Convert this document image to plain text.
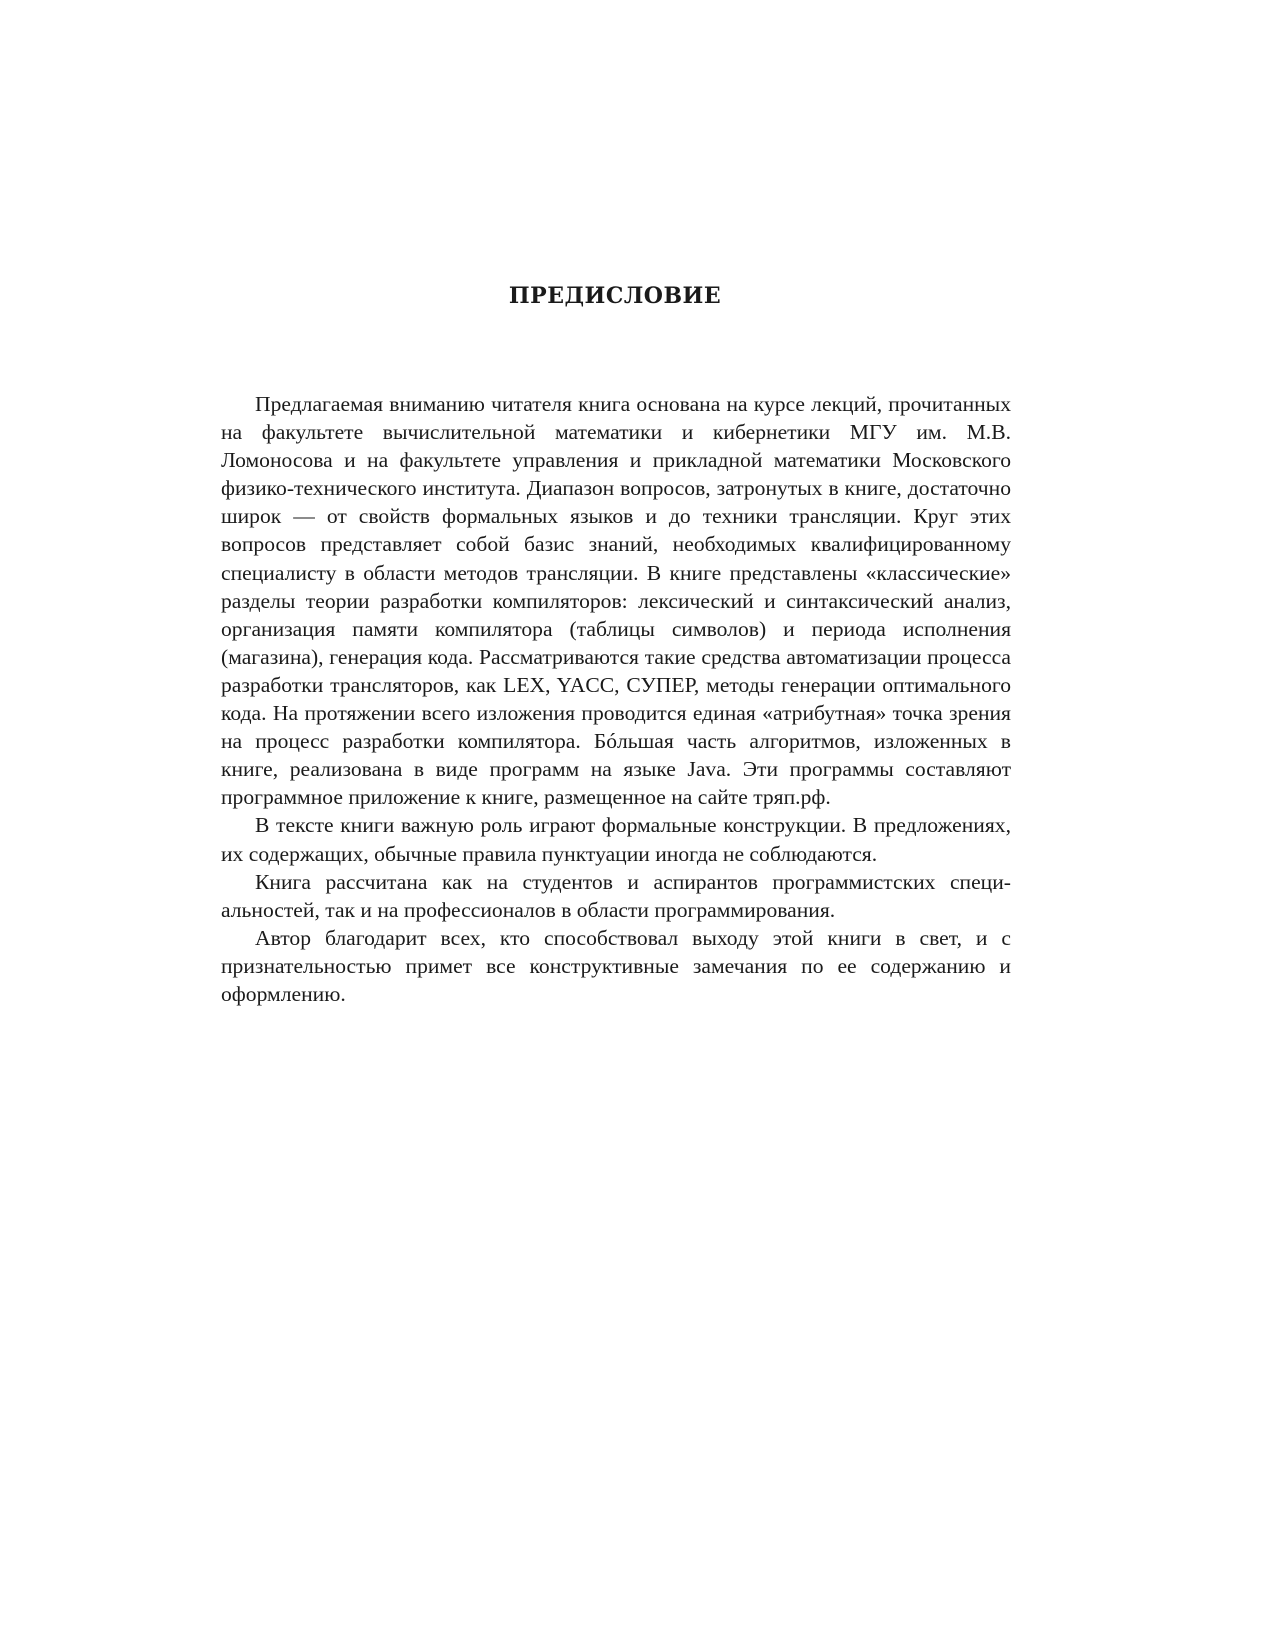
ПРЕДИСЛОВИЕ

Предлагаемая вниманию читателя книга основана на курсе лекций, прочитанных на факультете вычислительной математики и кибернетики МГУ им. М.В. Ломоносова и на факультете управления и прикладной математики Московского физико-технического института. Диапазон вопросов, затронутых в книге, достаточно широк — от свойств формальных языков и до техники трансляции. Круг этих вопросов представляет собой базис знаний, необходимых квалифицированному специалисту в области методов трансляции. В книге представлены «классические» разделы теории разработки компиляторов: лексический и синтаксический анализ, организация памяти компилятора (таблицы символов) и периода исполнения (магазина), генерация кода. Рассматриваются такие средства автоматизации процесса разработки трансляторов, как LEX, YACC, СУПЕР, методы генерации оптимального кода. На протяжении всего изложения проводится единая «атрибутная» точка зрения на процесс разработки компилятора. Бóльшая часть алгоритмов, изложенных в книге, реализована в виде программ на языке Java. Эти программы составляют программное приложение к книге, размещенное на сайте тряп.рф.

В тексте книги важную роль играют формальные конструкции. В предложениях, их содержащих, обычные правила пунктуации иногда не соблюдаются.

Книга рассчитана как на студентов и аспирантов программистских специальностей, так и на профессионалов в области программирования.

Автор благодарит всех, кто способствовал выходу этой книги в свет, и с признательностью примет все конструктивные замечания по ее содержанию и оформлению.
